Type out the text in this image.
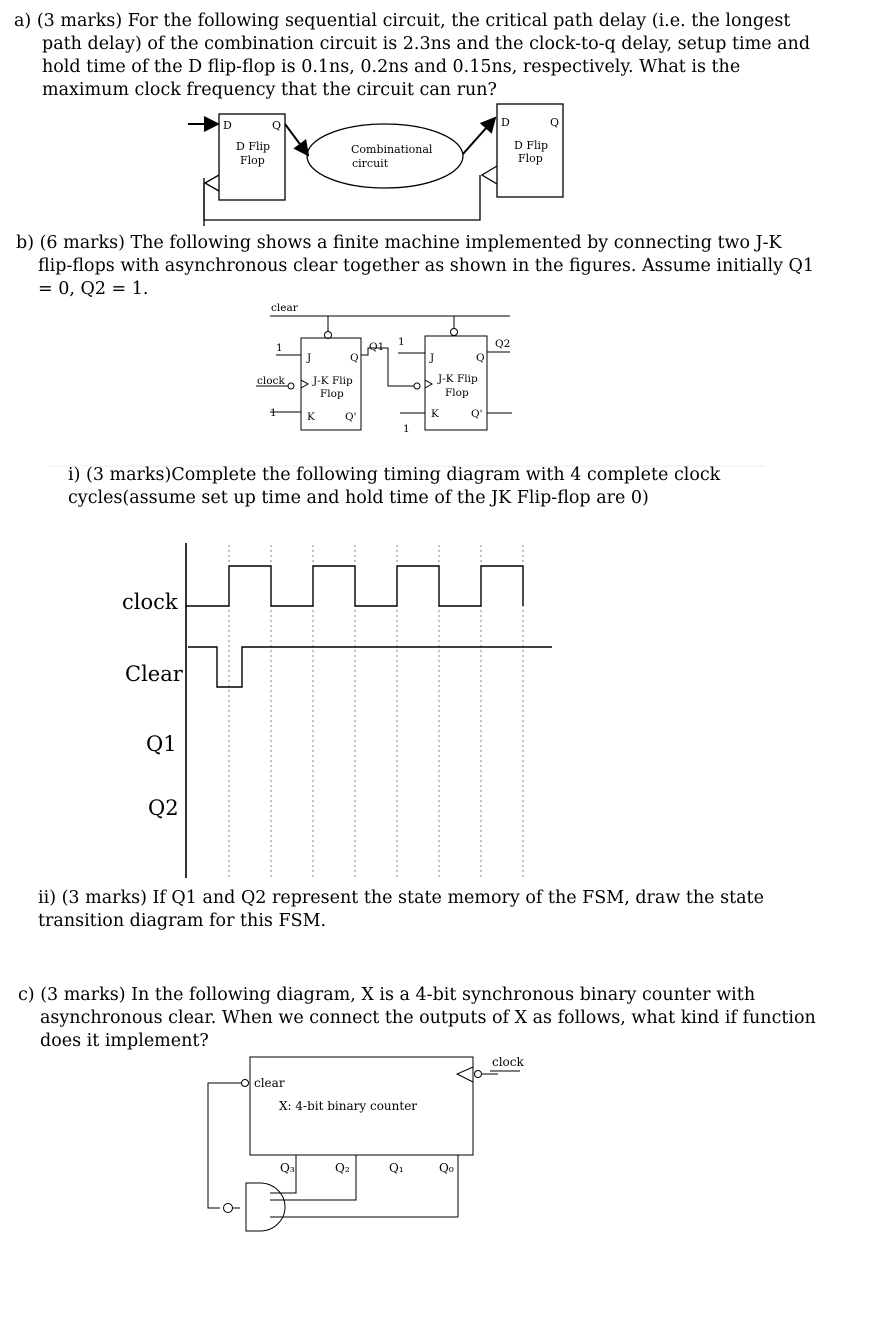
a) (3 marks) For the following sequential circuit, the critical path delay (i.e. the longest
path delay) of the combination circuit is 2.3ns and the clock-to-q delay, setup time and
hold time of the D flip-flop is 0.1ns, 0.2ns and 0.15ns, respectively. What is the
maximum clock frequency that the circuit can run?
b) (6 marks) The following shows a finite machine implemented by connecting two J-K
flip-flops with asynchronous clear together as shown in the figures. Assume initially Q1
= 0, Q2 = 1.
i) (3 marks)Complete the following timing diagram with 4 complete clock
cycles(assume set up time and hold time of the JK Flip-flop are 0)
ii) (3 marks) If Q1 and Q2 represent the state memory of the FSM, draw the state
transition diagram for this FSM.
c) (3 marks) In the following diagram, X is a 4-bit synchronous binary counter with
asynchronous clear. When we connect the outputs of X as follows, what kind if function
does it implement?
D	Q
D Flip
Flop
Combinational
circuit
D	Q
D Flip
Flop
clear
1
J	Q
clock	J-K Flip
Flop
1	K	Q'
Q1 1
J	Q
J-K Flip
Flop
K	Q'
1
Q2
clock
Clear
Q1
Q2
clock
clear
X: 4-bit binary counter
Q₃	Q₂	Q₁	Q₀
